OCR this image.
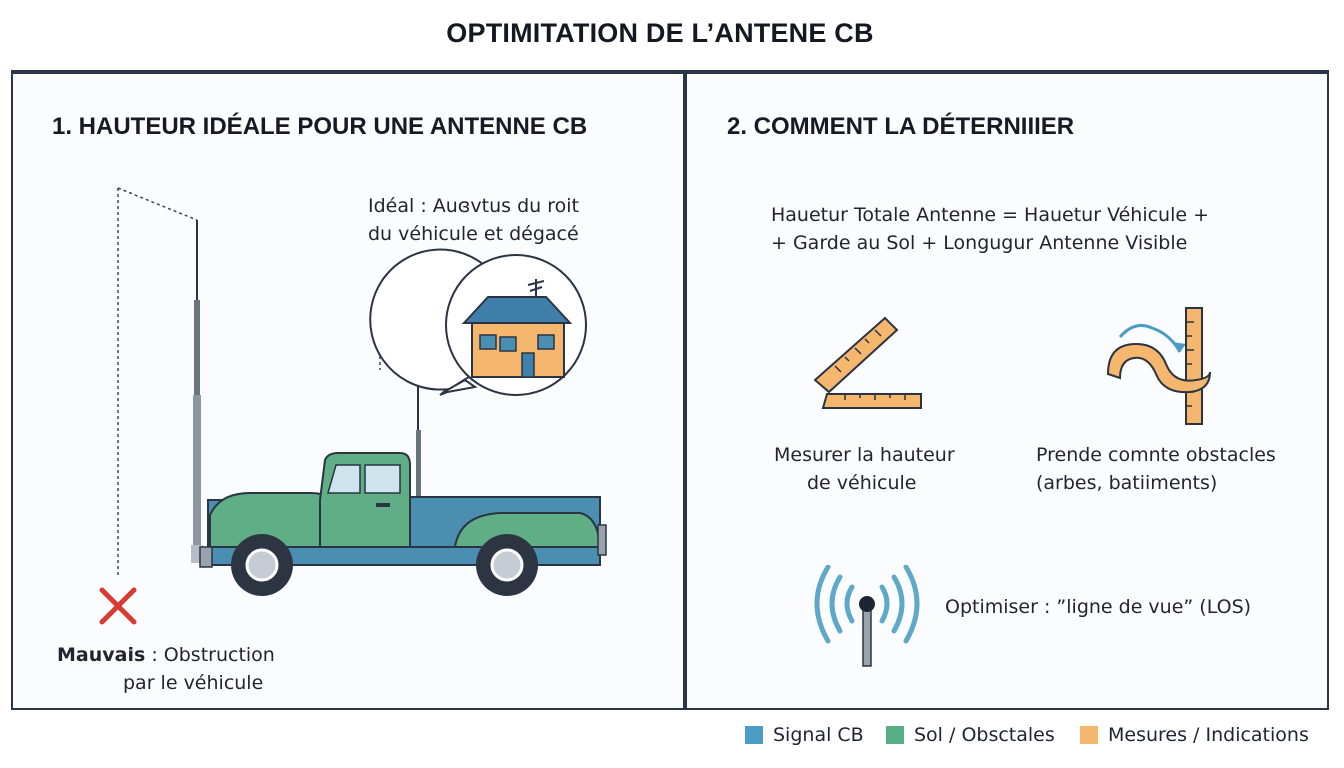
OPTIMITATION DE L’ANTENE CB
1. HAUTEUR IDÉALE POUR UNE ANTENNE CB
Idéal : Auɞvtus du roit
du véhicule et dégacé
Mauvais : Obstruction
par le véhicule
2. COMMENT LA DÉTERNIIIER
Hauetur Totale Antenne = Hauetur Véhicule +
+ Garde au Sol + Longugur Antenne Visible
Mesurer la hauteur
de véhicule
Prende comnte obstacles
(arbes, batiiments)
Optimiser : ”ligne de vue” (LOS)
Signal CB	Sol / Obsctales	Mesures / Indications
